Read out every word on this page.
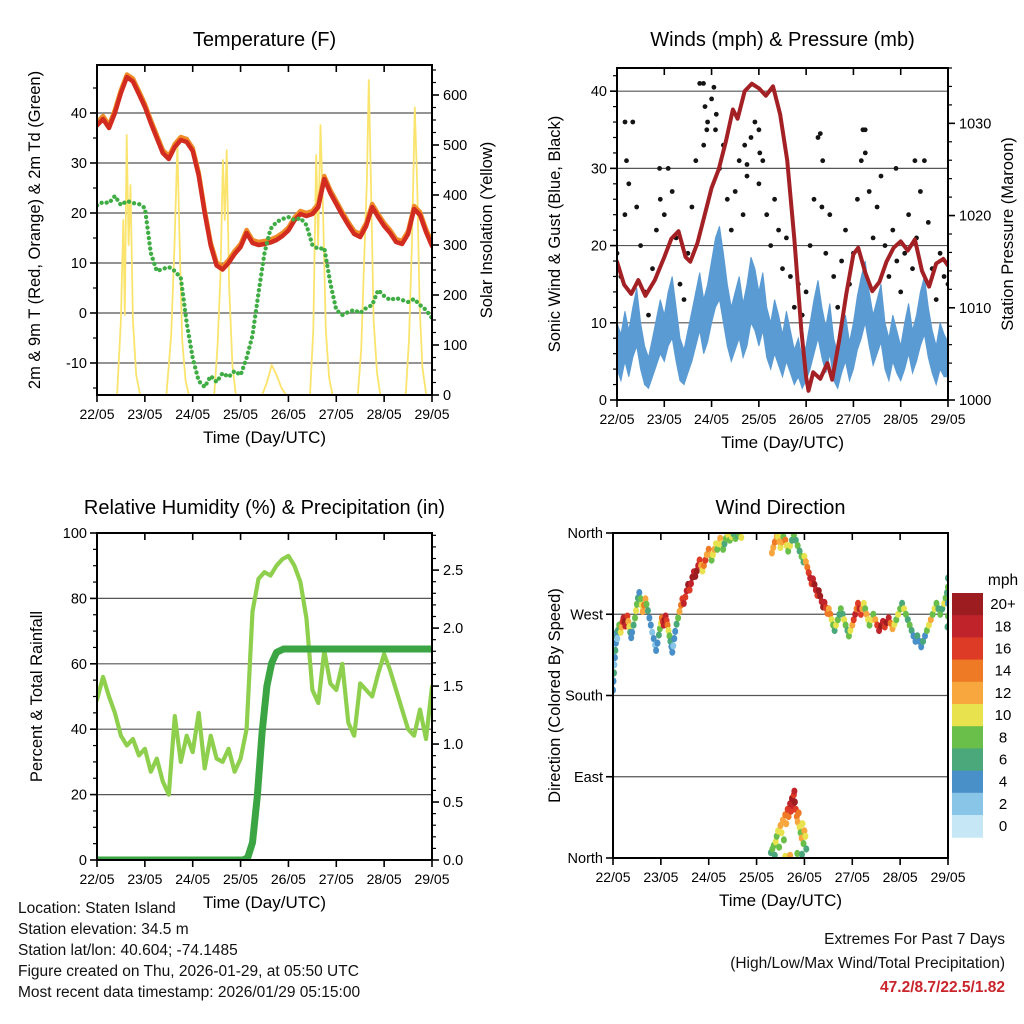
Temperature (F)
22/05 23/05 24/05 25/05 26/05 27/05 28/05 29/05
Time (Day/UTC)
-10
0
10
20
30
40
0
100
200
300
400
500
600
2m & 9m T (Red, Orange) & 2m Td (Green)	Solar Insolation (Yellow)
Winds (mph) & Pressure (mb)
22/05 23/05 24/05 25/05 26/05 27/05 28/05 29/05
Time (Day/UTC)
0
10
20
30
40
1000
1010
1020
1030
Sonic Wind & Gust (Blue, Black)	Station Pressure (Maroon)
Relative Humidity (%) & Precipitation (in)
22/05 23/05 24/05 25/05 26/05 27/05 28/05 29/05
Time (Day/UTC)
0
20
40
60
80
100
0.0
0.5
1.0
1.5
2.0
2.5
Percent & Total Rainfall
Wind Direction
22/05 23/05 24/05 25/05 26/05 27/05 28/05 29/05
Time (Day/UTC)
North
West
South
East
North
Direction (Colored By Speed)
mph
20+
18
16
14
12
10
8
6
4
2
0
Location: Staten Island
Station elevation: 34.5 m
Station lat/lon: 40.604; -74.1485
Figure created on Thu, 2026-01-29, at 05:50 UTC
Most recent data timestamp: 2026/01/29 05:15:00
Extremes For Past 7 Days
(High/Low/Max Wind/Total Precipitation)
47.2/8.7/22.5/1.82
